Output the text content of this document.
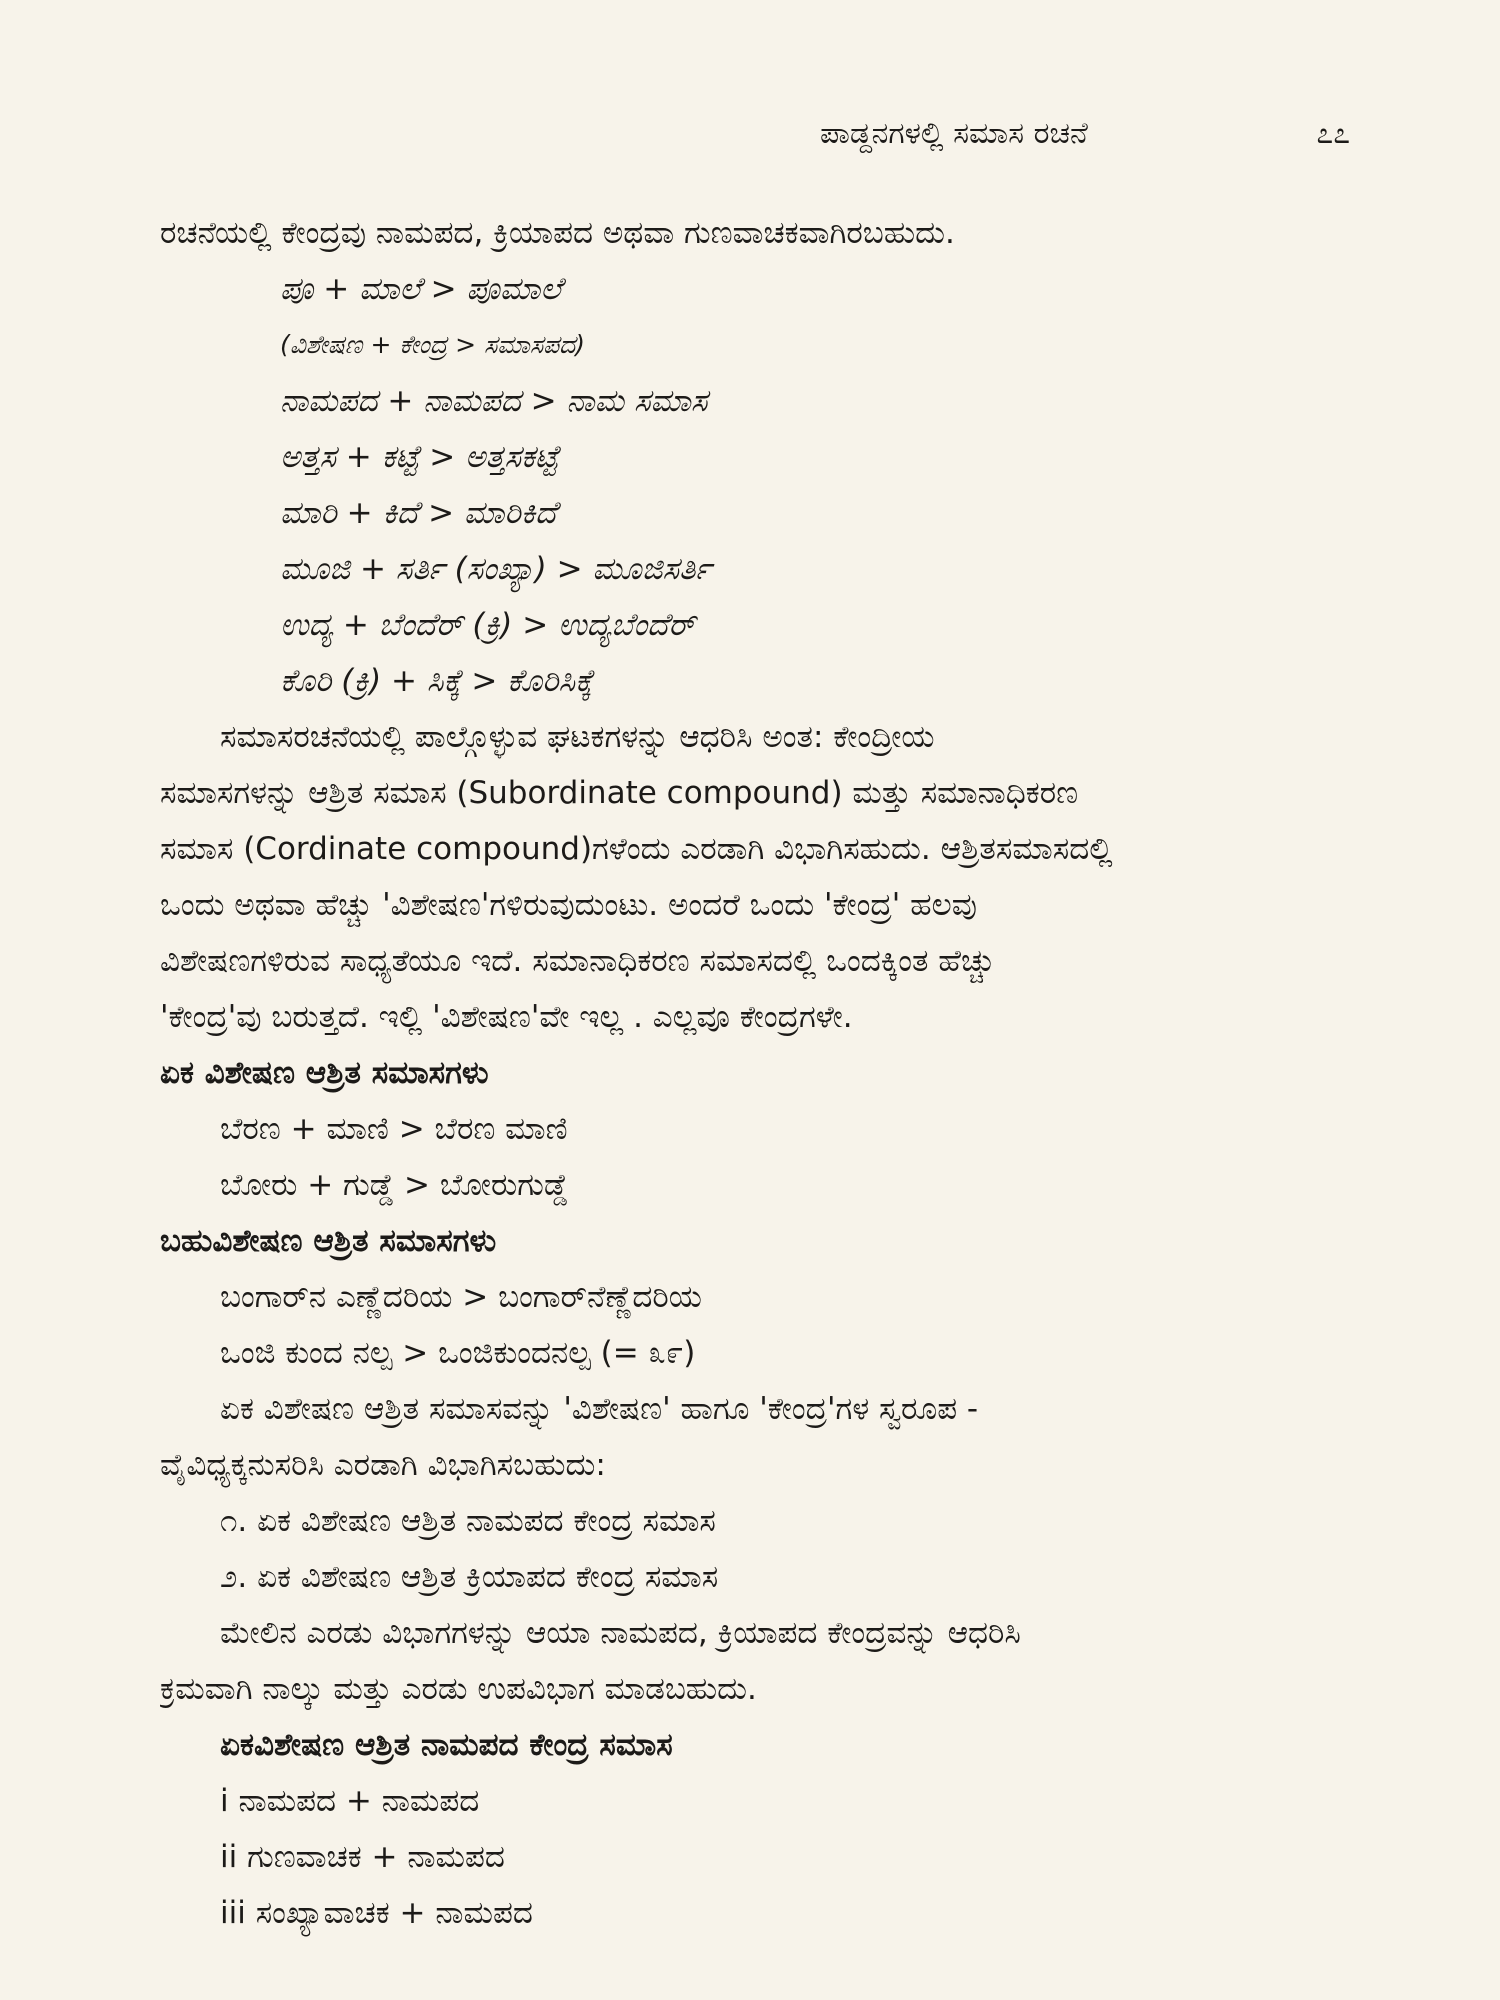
ಪಾಡ್ದನಗಳಲ್ಲಿ ಸಮಾಸ ರಚನೆ	೭೭
ರಚನೆಯಲ್ಲಿ ಕೇಂದ್ರವು ನಾಮಪದ, ಕ್ರಿಯಾಪದ ಅಥವಾ ಗುಣವಾಚಕವಾಗಿರಬಹುದು.
ಪೂ + ಮಾಲೆ > ಪೂಮಾಲೆ
(ವಿಶೇಷಣ + ಕೇಂದ್ರ > ಸಮಾಸಪದ)
ನಾಮಪದ + ನಾಮಪದ > ನಾಮ ಸಮಾಸ
ಅತ್ತಸ + ಕಟ್ಟೆ > ಅತ್ತಸಕಟ್ಟೆ
ಮಾರಿ + ಕಿದೆ > ಮಾರಿಕಿದೆ
ಮೂಜಿ + ಸರ್ತಿ (ಸಂಖ್ಯಾ) > ಮೂಜಿಸರ್ತಿ
ಉದ್ಯ + ಬೆಂದೆರ್ (ಕ್ರಿ) > ಉದ್ಯಬೆಂದೆರ್
ಕೊರಿ (ಕ್ರಿ) + ಸಿಕ್ಕೆ > ಕೊರಿಸಿಕ್ಕೆ
ಸಮಾಸರಚನೆಯಲ್ಲಿ ಪಾಲ್ಗೊಳ್ಳುವ ಘಟಕಗಳನ್ನು ಆಧರಿಸಿ ಅಂತ: ಕೇಂದ್ರೀಯ
ಸಮಾಸಗಳನ್ನು ಆಶ್ರಿತ ಸಮಾಸ (Subordinate compound) ಮತ್ತು ಸಮಾನಾಧಿಕರಣ
ಸಮಾಸ (Cordinate compound)ಗಳೆಂದು ಎರಡಾಗಿ ವಿಭಾಗಿಸಹುದು. ಆಶ್ರಿತಸಮಾಸದಲ್ಲಿ
ಒಂದು ಅಥವಾ ಹೆಚ್ಚು 'ವಿಶೇಷಣ'ಗಳಿರುವುದುಂಟು. ಅಂದರೆ ಒಂದು 'ಕೇಂದ್ರ' ಹಲವು
ವಿಶೇಷಣಗಳಿರುವ ಸಾಧ್ಯತೆಯೂ ಇದೆ. ಸಮಾನಾಧಿಕರಣ ಸಮಾಸದಲ್ಲಿ ಒಂದಕ್ಕಿಂತ ಹೆಚ್ಚು
'ಕೇಂದ್ರ'ವು ಬರುತ್ತದೆ. ಇಲ್ಲಿ 'ವಿಶೇಷಣ'ವೇ ಇಲ್ಲ . ಎಲ್ಲವೂ ಕೇಂದ್ರಗಳೇ.
ಏಕ ವಿಶೇಷಣ ಆಶ್ರಿತ ಸಮಾಸಗಳು
ಬೆರಣ + ಮಾಣಿ > ಬೆರಣ ಮಾಣಿ
ಬೋರು + ಗುಡ್ಡೆ > ಬೋರುಗುಡ್ಡೆ
ಬಹುವಿಶೇಷಣ ಆಶ್ರಿತ ಸಮಾಸಗಳು
ಬಂಗಾರ್‌ನ ಎಣ್ಣೆದರಿಯ > ಬಂಗಾರ್‌ನೆಣ್ಣೆದರಿಯ
ಒಂಜಿ ಕುಂದ ನಲ್ಪ > ಒಂಜಿಕುಂದನಲ್ಪ (= ೩೯)
ಏಕ ವಿಶೇಷಣ ಆಶ್ರಿತ ಸಮಾಸವನ್ನು 'ವಿಶೇಷಣ' ಹಾಗೂ 'ಕೇಂದ್ರ'ಗಳ ಸ್ವರೂಪ -
ವೈವಿಧ್ಯಕ್ಕನುಸರಿಸಿ ಎರಡಾಗಿ ವಿಭಾಗಿಸಬಹುದು:
೧. ಏಕ ವಿಶೇಷಣ ಆಶ್ರಿತ ನಾಮಪದ ಕೇಂದ್ರ ಸಮಾಸ
೨. ಏಕ ವಿಶೇಷಣ ಆಶ್ರಿತ ಕ್ರಿಯಾಪದ ಕೇಂದ್ರ ಸಮಾಸ
ಮೇಲಿನ ಎರಡು ವಿಭಾಗಗಳನ್ನು ಆಯಾ ನಾಮಪದ, ಕ್ರಿಯಾಪದ ಕೇಂದ್ರವನ್ನು ಆಧರಿಸಿ
ಕ್ರಮವಾಗಿ ನಾಲ್ಕು ಮತ್ತು ಎರಡು ಉಪವಿಭಾಗ ಮಾಡಬಹುದು.
ಏಕವಿಶೇಷಣ ಆಶ್ರಿತ ನಾಮಪದ ಕೇಂದ್ರ ಸಮಾಸ
i ನಾಮಪದ + ನಾಮಪದ
ii ಗುಣವಾಚಕ + ನಾಮಪದ
iii ಸಂಖ್ಯಾವಾಚಕ + ನಾಮಪದ
